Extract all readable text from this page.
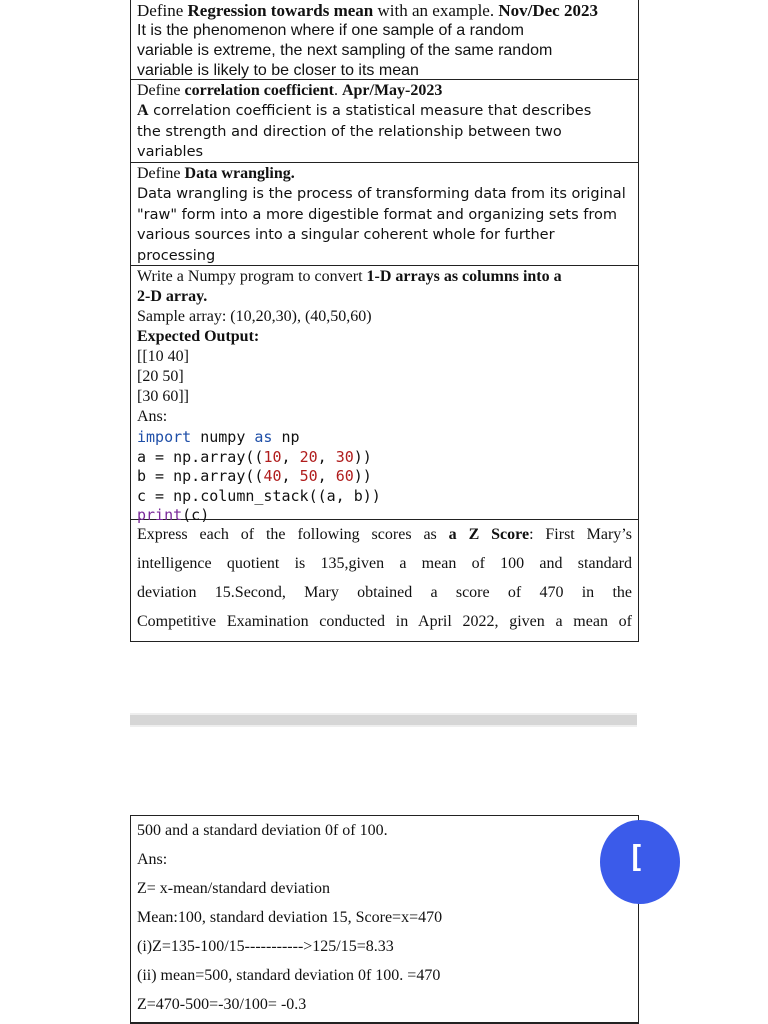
Define Regression towards mean with an example. Nov/Dec 2023
It is the phenomenon where if one sample of a random
variable is extreme, the next sampling of the same random
variable is likely to be closer to its mean
Define correlation coefficient. Apr/May-2023
A correlation coefficient is a statistical measure that describes
the strength and direction of the relationship between two
variables
Define Data wrangling.
Data wrangling is the process of transforming data from its original
"raw" form into a more digestible format and organizing sets from
various sources into a singular coherent whole for further
processing
Write a Numpy program to convert 1-D arrays as columns into a
2-D array.
Sample array: (10,20,30), (40,50,60)
Expected Output:
[[10 40]
[20 50]
[30 60]]
Ans:
import numpy as np
a = np.array((10, 20, 30))
b = np.array((40, 50, 60))
c = np.column_stack((a, b))
print(c)
Express each of the following scores as a Z Score: First Mary’s
intelligence quotient is 135,given a mean of 100 and standard
deviation 15.Second, Mary obtained a score of 470 in the
Competitive Examination conducted in April 2022, given a mean of
500 and a standard deviation 0f of 100.
Ans:
Z= x-mean/standard deviation
Mean:100, standard deviation 15, Score=x=470
(i)Z=135-100/15----------->125/15=8.33
(ii) mean=500, standard deviation 0f 100. =470
Z=470-500=-30/100= -0.3
[
